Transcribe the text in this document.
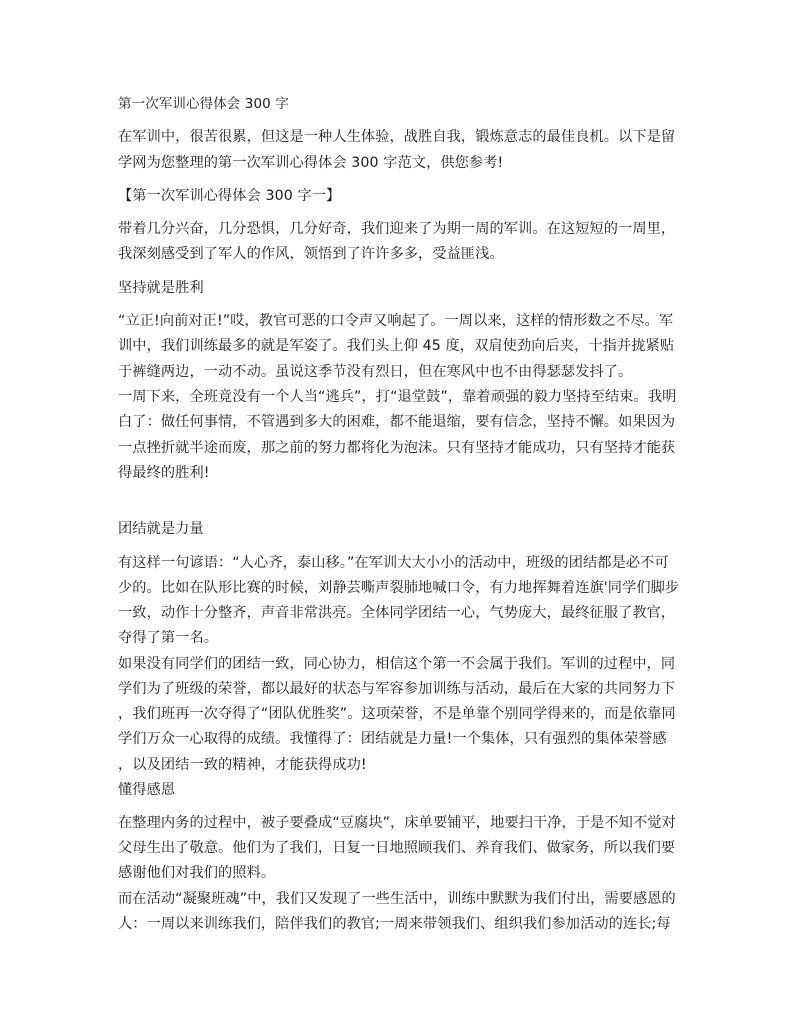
第一次军训心得体会 300 字
在军训中，很苦很累，但这是一种人生体验，战胜自我，锻炼意志的最佳良机。以下是留
学网为您整理的第一次军训心得体会 300 字范文，供您参考!
【第一次军训心得体会 300 字一】
带着几分兴奋，几分恐惧，几分好奇，我们迎来了为期一周的军训。在这短短的一周里，
我深刻感受到了军人的作风，领悟到了许许多多，受益匪浅。
坚持就是胜利
“立正!向前对正!”哎，教官可恶的口令声又响起了。一周以来，这样的情形数之不尽。军
训中，我们训练最多的就是军姿了。我们头上仰 45 度，双肩使劲向后夹，十指并拢紧贴
于裤缝两边，一动不动。虽说这季节没有烈日，但在寒风中也不由得瑟瑟发抖了。
一周下来，全班竟没有一个人当“逃兵”，打“退堂鼓”，靠着顽强的毅力坚持至结束。我明
白了：做任何事情，不管遇到多大的困难，都不能退缩，要有信念，坚持不懈。如果因为
一点挫折就半途而废，那之前的努力都将化为泡沫。只有坚持才能成功，只有坚持才能获
得最终的胜利!
团结就是力量
有这样一句谚语：“人心齐，泰山移。”在军训大大小小的活动中，班级的团结都是必不可
少的。比如在队形比赛的时候，刘静芸嘶声裂肺地喊口令，有力地挥舞着连旗'同学们脚步
一致，动作十分整齐，声音非常洪亮。全体同学团结一心，气势庞大，最终征服了教官，
夺得了第一名。
如果没有同学们的团结一致，同心协力，相信这个第一不会属于我们。军训的过程中，同
学们为了班级的荣誉，都以最好的状态与军容参加训练与活动，最后在大家的共同努力下
，我们班再一次夺得了“团队优胜奖”。这项荣誉，不是单靠个别同学得来的，而是依靠同
学们万众一心取得的成绩。我懂得了：团结就是力量!一个集体，只有强烈的集体荣誉感
，以及团结一致的精神，才能获得成功!
懂得感恩
在整理内务的过程中，被子要叠成“豆腐块”，床单要铺平，地要扫干净，于是不知不觉对
父母生出了敬意。他们为了我们，日复一日地照顾我们、养育我们、做家务，所以我们要
感谢他们对我们的照料。
而在活动“凝聚班魂”中，我们又发现了一些生活中，训练中默默为我们付出，需要感恩的
人：一周以来训练我们，陪伴我们的教官;一周来带领我们、组织我们参加活动的连长;每
